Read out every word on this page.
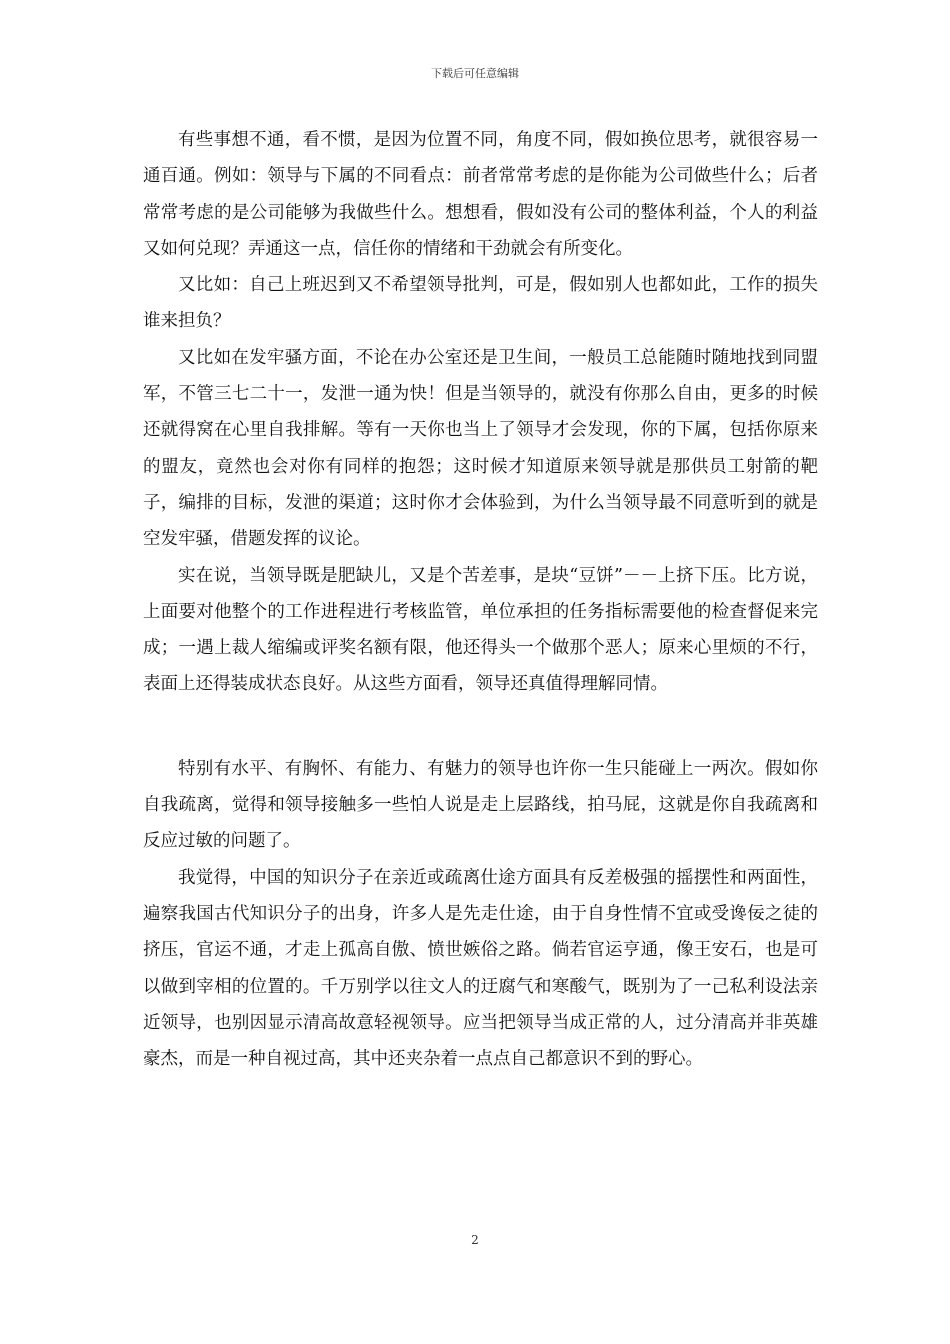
下载后可任意编辑

有些事想不通，看不惯，是因为位置不同，角度不同，假如换位思考，就很容易一通百通。例如：领导与下属的不同看点：前者常常考虑的是你能为公司做些什么；后者常常考虑的是公司能够为我做些什么。想想看，假如没有公司的整体利益，个人的利益又如何兑现？弄通这一点，信任你的情绪和干劲就会有所变化。

又比如：自己上班迟到又不希望领导批判，可是，假如别人也都如此，工作的损失谁来担负？

又比如在发牢骚方面，不论在办公室还是卫生间，一般员工总能随时随地找到同盟军，不管三七二十一，发泄一通为快！但是当领导的，就没有你那么自由，更多的时候还就得窝在心里自我排解。等有一天你也当上了领导才会发现，你的下属，包括你原来的盟友，竟然也会对你有同样的抱怨；这时候才知道原来领导就是那供员工射箭的靶子，编排的目标，发泄的渠道；这时你才会体验到，为什么当领导最不同意听到的就是空发牢骚，借题发挥的议论。

实在说，当领导既是肥缺儿，又是个苦差事，是块“豆饼”－－上挤下压。比方说，上面要对他整个的工作进程进行考核监管，单位承担的任务指标需要他的检查督促来完成；一遇上裁人缩编或评奖名额有限，他还得头一个做那个恶人；原来心里烦的不行，表面上还得装成状态良好。从这些方面看，领导还真值得理解同情。

特别有水平、有胸怀、有能力、有魅力的领导也许你一生只能碰上一两次。假如你自我疏离，觉得和领导接触多一些怕人说是走上层路线，拍马屁，这就是你自我疏离和反应过敏的问题了。

我觉得，中国的知识分子在亲近或疏离仕途方面具有反差极强的摇摆性和两面性，遍察我国古代知识分子的出身，许多人是先走仕途，由于自身性情不宜或受谗佞之徒的挤压，官运不通，才走上孤高自傲、愤世嫉俗之路。倘若官运亨通，像王安石，也是可以做到宰相的位置的。千万别学以往文人的迂腐气和寒酸气，既别为了一己私利设法亲近领导，也别因显示清高故意轻视领导。应当把领导当成正常的人，过分清高并非英雄豪杰，而是一种自视过高，其中还夹杂着一点点自己都意识不到的野心。

2
